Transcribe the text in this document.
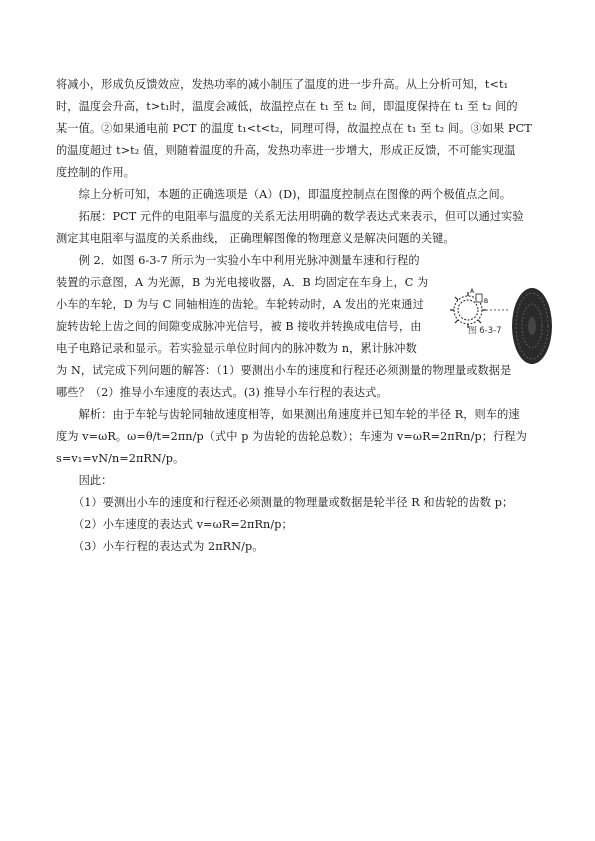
将减小，形成负反馈效应，发热功率的减小制压了温度的进一步升高。从上分析可知，t<t₁

时，温度会升高，t>t₁时，温度会减低，故温控点在 t₁ 至 t₂ 间，即温度保持在 t₁ 至 t₂ 间的

某一值。②如果通电前 PCT 的温度 t₁<t<t₂，同理可得，故温控点在 t₁ 至 t₂ 间。③如果 PCT

的温度超过 t>t₂ 值，则随着温度的升高，发热功率进一步增大，形成正反馈，不可能实现温

度控制的作用。

　　综上分析可知，本题的正确选项是（A）(D)，即温度控制点在图像的两个极值点之间。

　　拓展：PCT 元件的电阻率与温度的关系无法用明确的数学表达式来表示，但可以通过实验

测定其电阻率与温度的关系曲线， 正确理解图像的物理意义是解决问题的关键。

　　例 2．如图 6-3-7 所示为一实验小车中利用光脉冲测量车速和行程的

装置的示意图，A 为光源，B 为光电接收器，A．B 均固定在车身上，C 为

小车的车轮，D 为与 C 同轴相连的齿轮。车轮转动时，A 发出的光束通过

旋转齿轮上齿之间的间隙变成脉冲光信号，被 B 接收并转换成电信号，由

电子电路记录和显示。若实验显示单位时间内的脉冲数为 n，累计脉冲数

A
B
图 6-3-7

为 N，试完成下列问题的解答：（1）要测出小车的速度和行程还必须测量的物理量或数据是

哪些？（2）推导小车速度的表达式。(3) 推导小车行程的表达式。

　　解析：由于车轮与齿轮同轴故速度相等，如果测出角速度并已知车轮的半径 R，则车的速

度为 v=ωR。ω=θ/t=2πn/p（式中 p 为齿轮的齿轮总数）；车速为 v=ωR=2πRn/p；行程为

s=v₁=vN/n=2πRN/p。

　　因此：

　　（1）要测出小车的速度和行程还必须测量的物理量或数据是轮半径 R 和齿轮的齿数 p；

　　（2）小车速度的表达式 v=ωR=2πRn/p；

　　（3）小车行程的表达式为 2πRN/p。
